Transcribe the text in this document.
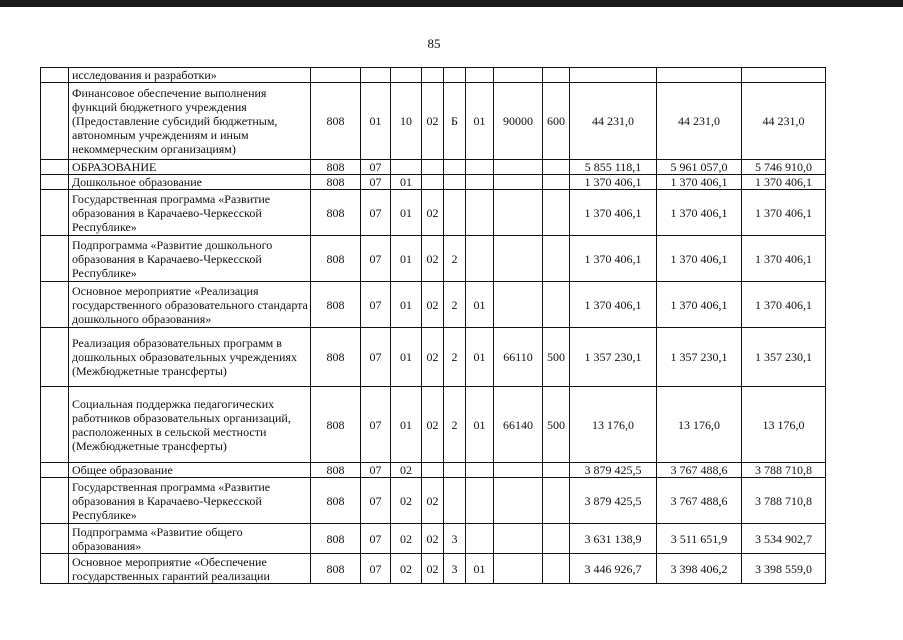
85
	исследования и разработки»											
	Финансовое обеспечение выполнения функций бюджетного учреждения (Предоставление субсидий бюджетным, автономным учреждениям и иным некоммерческим организациям)	808	01	10	02	Б	01	90000	600	44 231,0	44 231,0	44 231,0
	ОБРАЗОВАНИЕ	808	07							5 855 118,1	5 961 057,0	5 746 910,0
	Дошкольное образование	808	07	01						1 370 406,1	1 370 406,1	1 370 406,1
	Государственная программа «Развитие образования в Карачаево-Черкесской Республике»	808	07	01	02					1 370 406,1	1 370 406,1	1 370 406,1
	Подпрограмма «Развитие дошкольного образования в Карачаево-Черкесской Республике»	808	07	01	02	2				1 370 406,1	1 370 406,1	1 370 406,1
	Основное мероприятие «Реализация государственного образовательного стандарта дошкольного образования»	808	07	01	02	2	01			1 370 406,1	1 370 406,1	1 370 406,1
	Реализация образовательных программ в дошкольных образовательных учреждениях (Межбюджетные трансферты)	808	07	01	02	2	01	66110	500	1 357 230,1	1 357 230,1	1 357 230,1
	Социальная поддержка педагогических работников образовательных организаций, расположенных в сельской местности (Межбюджетные трансферты)	808	07	01	02	2	01	66140	500	13 176,0	13 176,0	13 176,0
	Общее образование	808	07	02						3 879 425,5	3 767 488,6	3 788 710,8
	Государственная программа «Развитие образования в Карачаево-Черкесской Республике»	808	07	02	02					3 879 425,5	3 767 488,6	3 788 710,8
	Подпрограмма «Развитие общего образования»	808	07	02	02	3				3 631 138,9	3 511 651,9	3 534 902,7
	Основное мероприятие «Обеспечение государственных гарантий реализации	808	07	02	02	3	01			3 446 926,7	3 398 406,2	3 398 559,0
